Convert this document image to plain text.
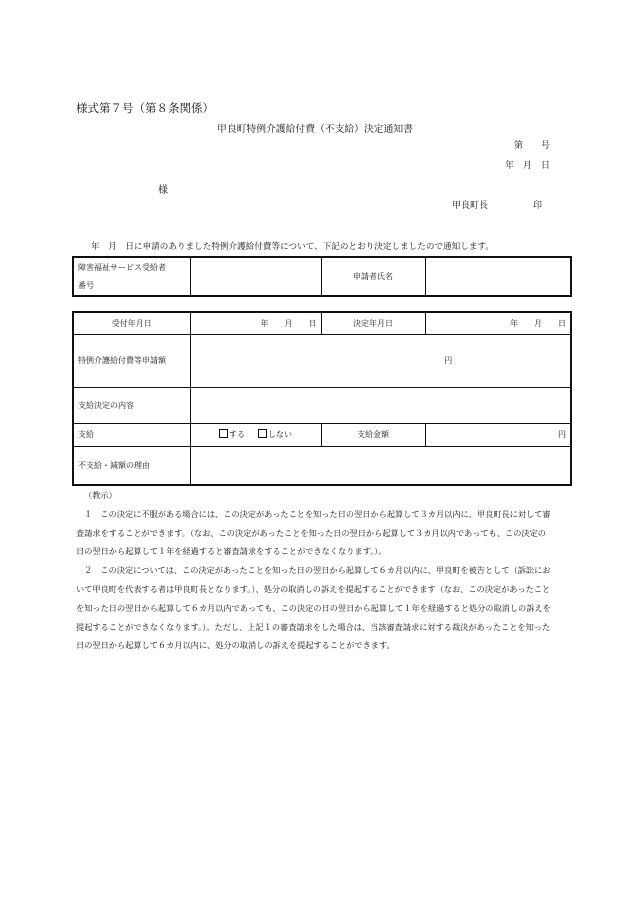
様式第７号（第８条関係）
甲良町特例介護給付費（不支給）決定通知書
第　　号
年　月　日
様
甲良町長　　　　　印
年　月　日に申請のありました特例介護給付費等について、下記のとおり決定しましたので通知します。
障害福祉サービス受給者
番号
		申請者氏名	
受付年月日	年　　月　　日	決定年月日	年　　月　　日
特例介護給付費等申請額	円		
支給決定の内容			
支給	する しない	支給金額	円
不支給・減額の理由			

（教示）

１　この決定に不服がある場合には、この決定があったことを知った日の翌日から起算して３カ月以内に、甲良町長に対して審査請求をすることができます。（なお、この決定があったことを知った日の翌日から起算して３カ月以内であっても、この決定の日の翌日から起算して１年を経過すると審査請求をすることができなくなります。）。

２　この決定については、この決定があったことを知った日の翌日から起算して６カ月以内に、甲良町を被告として（訴訟において甲良町を代表する者は甲良町長となります。）、処分の取消しの訴えを提起することができます（なお、この決定があったことを知った日の翌日から起算して６カ月以内であっても、この決定の日の翌日から起算して１年を経過すると処分の取消しの訴えを提起することができなくなります。）。ただし、上記１の審査請求をした場合は、当該審査請求に対する裁決があったことを知った日の翌日から起算して６カ月以内に、処分の取消しの訴えを提起することができます。
